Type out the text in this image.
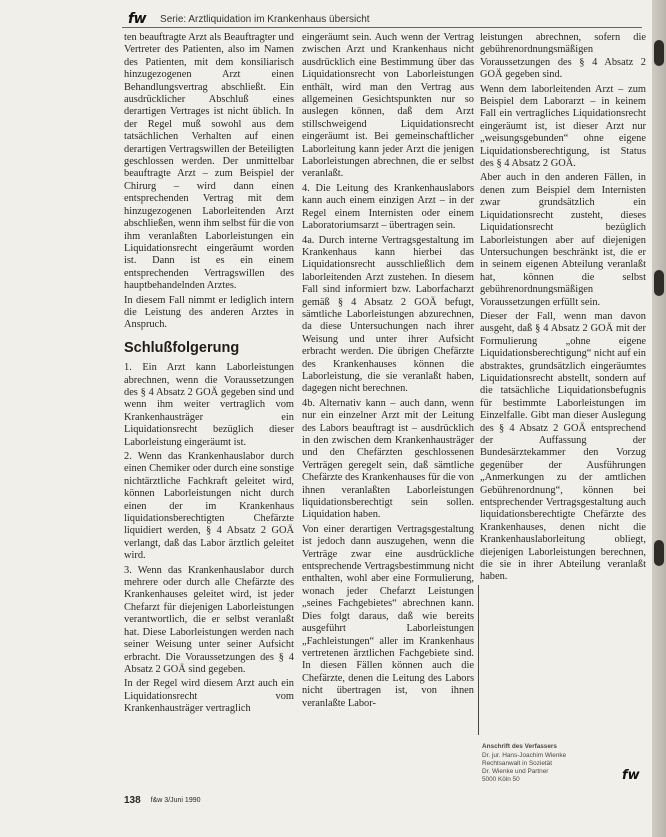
fw Serie: Arztliquidation im Krankenhaus übersicht

ten beauftragte Arzt als Beauftragter und Vertreter des Patienten, also im Namen des Patienten, mit dem konsiliarisch hinzugezogenen Arzt einen Behandlungsvertrag abschließt. Ein ausdrücklicher Abschluß eines derartigen Vertrages ist nicht üblich. In der Regel muß sowohl aus dem tatsächlichen Verhalten auf einen derartigen Vertragswillen der Beteiligten geschlossen werden. Der unmittelbar beauftragte Arzt – zum Beispiel der Chirurg – wird dann einen entsprechenden Vertrag mit dem hinzugezogenen Laborleitenden Arzt abschließen, wenn ihm selbst für die von ihm veranlaßten Laborleistungen ein Liquidationsrecht eingeräumt worden ist. Dann ist es ein einem entsprechenden Vertragswillen des hauptbehandelnden Arztes.

In diesem Fall nimmt er lediglich intern die Leistung des anderen Arztes in Anspruch.

Schlußfolgerung

1. Ein Arzt kann Laborleistungen abrechnen, wenn die Voraussetzungen des § 4 Absatz 2 GOÄ gegeben sind und wenn ihm weiter vertraglich vom Krankenhausträger ein Liquidationsrecht bezüglich dieser Laborleistung eingeräumt ist.

2. Wenn das Krankenhauslabor durch einen Chemiker oder durch eine sonstige nichtärztliche Fachkraft geleitet wird, können Laborleistungen nicht durch einen der im Krankenhaus liquidationsberechtigten Chefärzte liquidiert werden, § 4 Absatz 2 GOÄ verlangt, daß das Labor ärztlich geleitet wird.

3. Wenn das Krankenhauslabor durch mehrere oder durch alle Chefärzte des Krankenhauses geleitet wird, ist jeder Chefarzt für diejenigen Laborleistungen verantwortlich, die er selbst veranlaßt hat. Diese Laborleistungen werden nach seiner Weisung unter seiner Aufsicht erbracht. Die Voraussetzungen des § 4 Absatz 2 GOÄ sind gegeben.

In der Regel wird diesem Arzt auch ein Liquidationsrecht vom Krankenhausträger vertraglich

eingeräumt sein. Auch wenn der Vertrag zwischen Arzt und Krankenhaus nicht ausdrücklich eine Bestimmung über das Liquidationsrecht von Laborleistungen enthält, wird man den Vertrag aus allgemeinen Gesichtspunkten nur so auslegen können, daß dem Arzt stillschweigend Liquidationsrecht eingeräumt ist. Bei gemeinschaftlicher Laborleitung kann jeder Arzt die jenigen Laborleistungen abrechnen, die er selbst veranlaßt.

4. Die Leitung des Krankenhauslabors kann auch einem einzigen Arzt – in der Regel einem Internisten oder einem Laboratoriumsarzt – übertragen sein.

4a. Durch interne Vertragsgestaltung im Krankenhaus kann hierbei das Liquidationsrecht ausschließlich dem laborleitenden Arzt zustehen. In diesem Fall sind informiert bzw. Laborfacharzt gemäß § 4 Absatz 2 GOÄ befugt, sämtliche Laborleistungen abzurechnen, da diese Untersuchungen nach ihrer Weisung und unter ihrer Aufsicht erbracht werden. Die übrigen Chefärzte des Krankenhauses können die Laborleistung, die sie veranlaßt haben, dagegen nicht berechnen.

4b. Alternativ kann – auch dann, wenn nur ein einzelner Arzt mit der Leitung des Labors beauftragt ist – ausdrücklich in den zwischen dem Krankenhausträger und den Chefärzten geschlossenen Verträgen geregelt sein, daß sämtliche Chefärzte des Krankenhauses für die von ihnen veranlaßten Laborleistungen liquidationsberechtigt sein sollen. Liquidation haben.

Von einer derartigen Vertragsgestaltung ist jedoch dann auszugehen, wenn die Verträge zwar eine ausdrückliche entsprechende Vertragsbestimmung nicht enthalten, wohl aber eine Formulierung, wonach jeder Chefarzt Leistungen „seines Fachgebietes“ abrechnen kann. Dies folgt daraus, daß wie bereits ausgeführt Laborleistungen „Fachleistungen“ aller im Krankenhaus vertretenen ärztlichen Fachgebiete sind. In diesen Fällen können auch die Chefärzte, denen die Leitung des Labors nicht übertragen ist, von ihnen veranlaßte Labor-

leistungen abrechnen, sofern die gebührenordnungsmäßigen Voraussetzungen des § 4 Absatz 2 GOÄ gegeben sind.

Wenn dem laborleitenden Arzt – zum Beispiel dem Laborarzt – in keinem Fall ein vertragliches Liquidationsrecht eingeräumt ist, ist dieser Arzt nur „weisungsgebunden“ ohne eigene Liquidationsberechtigung, ist Status des § 4 Absatz 2 GOÄ.

Aber auch in den anderen Fällen, in denen zum Beispiel dem Internisten zwar grundsätzlich ein Liquidationsrecht zusteht, dieses Liquidationsrecht bezüglich Laborleistungen aber auf diejenigen Untersuchungen beschränkt ist, die er in seinem eigenen Abteilung veranlaßt hat, können die selbst gebührenordnungsmäßigen Voraussetzungen erfüllt sein.

Dieser der Fall, wenn man davon ausgeht, daß § 4 Absatz 2 GOÄ mit der Formulierung „ohne eigene Liquidationsberechtigung“ nicht auf ein abstraktes, grundsätzlich eingeräumtes Liquidationsrecht abstellt, sondern auf die tatsächliche Liquidationsbefugnis für bestimmte Laborleistungen im Einzelfalle. Gibt man dieser Auslegung des § 4 Absatz 2 GOÄ entsprechend der Auffassung der Bundesärztekammer den Vorzug gegenüber der Ausführungen „Anmerkungen zu der amtlichen Gebührenordnung“, können bei entsprechender Vertragsgestaltung auch liquidationsberechtigte Chefärzte des Krankenhauses, denen nicht die Krankenhauslaborleitung obliegt, diejenigen Laborleistungen berechnen, die sie in ihrer Abteilung veranlaßt haben.

Anschrift des Verfassers
Dr. jur. Hans-Joachim Wienke
Rechtsanwalt in Sozietät
Dr. Wienke und Partner
5000 Köln 50
138 f&w 3/Juni 1990
fw
